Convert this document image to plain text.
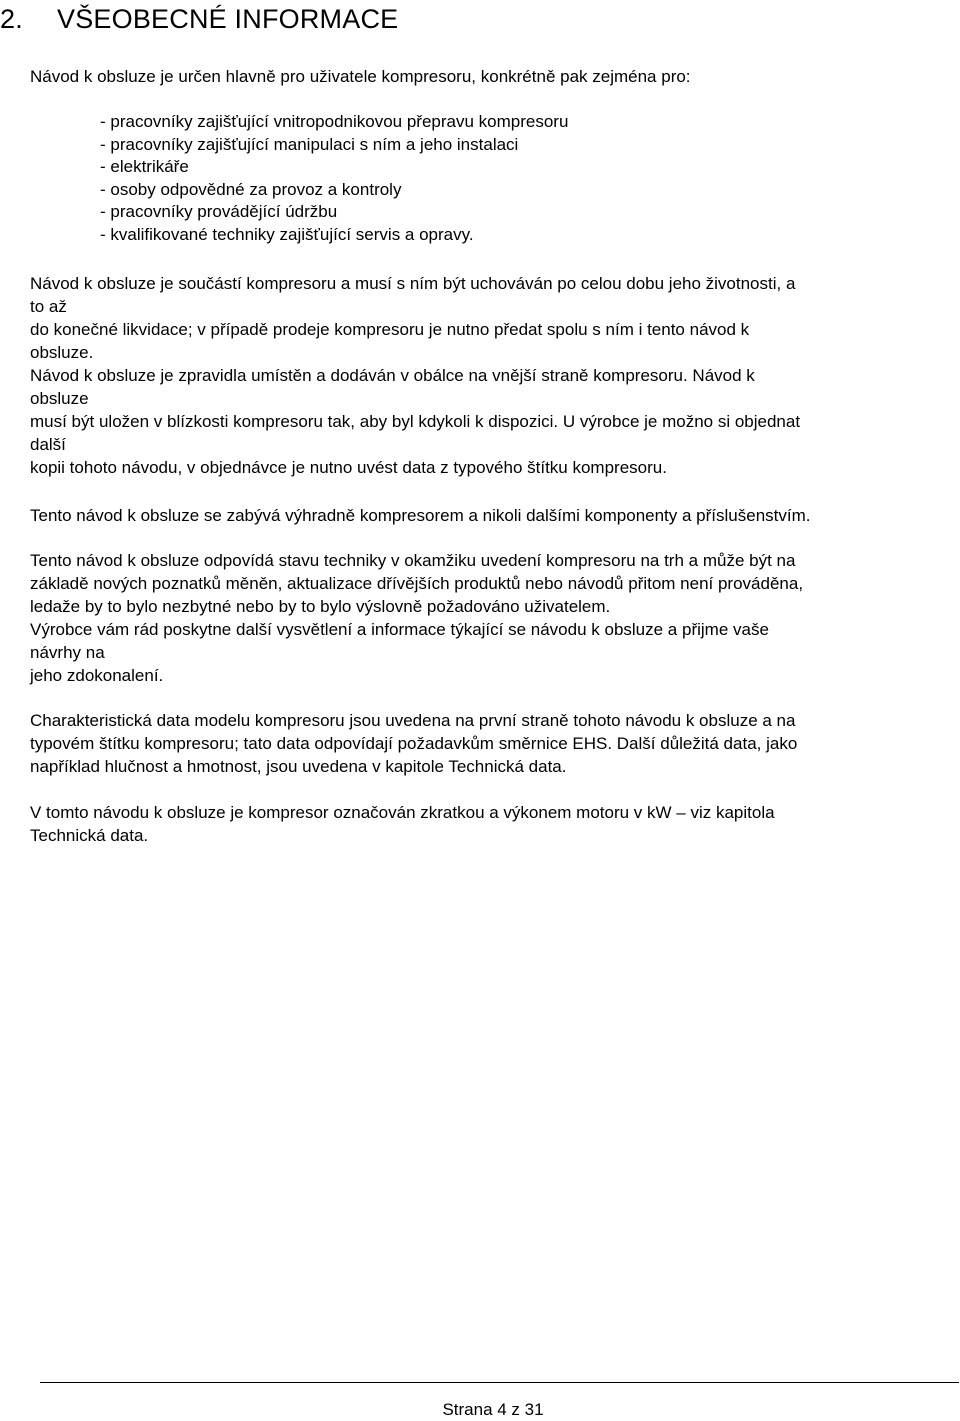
2. VŠEOBECNÉ INFORMACE
Návod k obsluze je určen hlavně pro uživatele kompresoru, konkrétně pak zejména pro:
- pracovníky zajišťující vnitropodnikovou přepravu kompresoru
- pracovníky zajišťující manipulaci s ním a jeho instalaci
- elektrikáře
- osoby odpovědné za provoz a kontroly
- pracovníky provádějící údržbu
- kvalifikované techniky zajišťující servis a opravy.
Návod k obsluze je součástí kompresoru a musí s ním být uchováván po celou dobu jeho životnosti, a
to až
do konečné likvidace; v případě prodeje kompresoru je nutno předat spolu s ním i tento návod k
obsluze.
Návod k obsluze je zpravidla umístěn a dodáván v obálce na vnější straně kompresoru. Návod k
obsluze
musí být uložen v blízkosti kompresoru tak, aby byl kdykoli k dispozici. U výrobce je možno si objednat
další
kopii tohoto návodu, v objednávce je nutno uvést data z typového štítku kompresoru.
Tento návod k obsluze se zabývá výhradně kompresorem a nikoli dalšími komponenty a příslušenstvím.
Tento návod k obsluze odpovídá stavu techniky v okamžiku uvedení kompresoru na trh a může být na
základě nových poznatků měněn, aktualizace dřívějších produktů nebo návodů přitom není prováděna,
ledaže by to bylo nezbytné nebo by to bylo výslovně požadováno uživatelem.
Výrobce vám rád poskytne další vysvětlení a informace týkající se návodu k obsluze a přijme vaše
návrhy na
jeho zdokonalení.
Charakteristická data modelu kompresoru jsou uvedena na první straně tohoto návodu k obsluze a na
typovém štítku kompresoru; tato data odpovídají požadavkům směrnice EHS. Další důležitá data, jako
například hlučnost a hmotnost, jsou uvedena v kapitole Technická data.
V tomto návodu k obsluze je kompresor označován zkratkou a výkonem motoru v kW – viz kapitola
Technická data.
Strana 4 z 31
